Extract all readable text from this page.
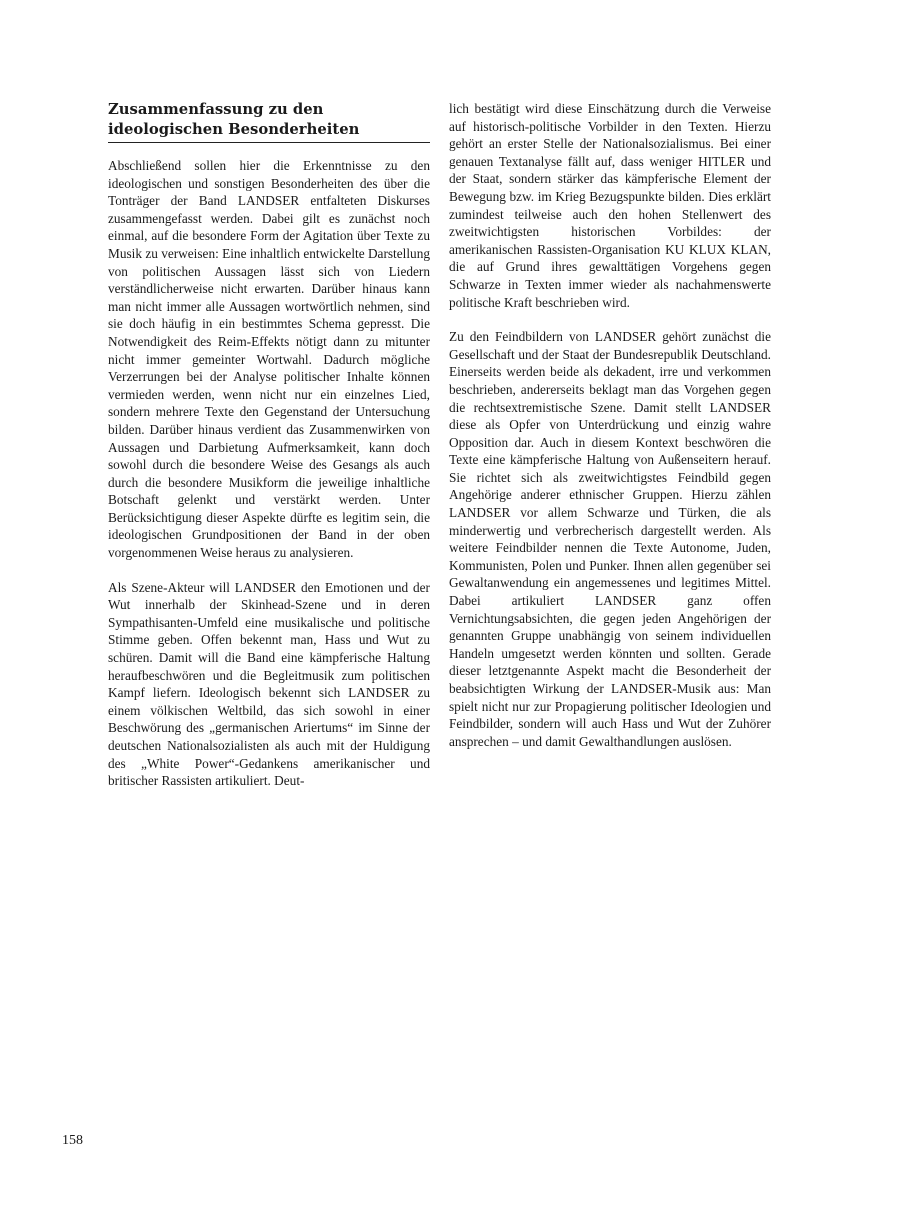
Zusammenfassung zu den ideologischen Besonderheiten

Abschließend sollen hier die Erkenntnisse zu den ideologischen und sonstigen Besonderheiten des über die Tonträger der Band LANDSER entfalteten Diskurses zusammengefasst werden. Dabei gilt es zunächst noch einmal, auf die besondere Form der Agitation über Texte zu Musik zu verweisen: Eine inhaltlich entwickelte Darstellung von politischen Aussagen lässt sich von Liedern verständlicherweise nicht erwarten. Darüber hinaus kann man nicht immer alle Aussagen wortwörtlich nehmen, sind sie doch häufig in ein bestimmtes Schema gepresst. Die Notwendigkeit des Reim-Effekts nötigt dann zu mitunter nicht immer gemeinter Wortwahl. Dadurch mögliche Verzerrungen bei der Analyse politischer Inhalte können vermieden werden, wenn nicht nur ein einzelnes Lied, sondern mehrere Texte den Gegenstand der Untersuchung bilden. Darüber hinaus verdient das Zusammenwirken von Aussagen und Darbietung Aufmerksamkeit, kann doch sowohl durch die besondere Weise des Gesangs als auch durch die besondere Musikform die jeweilige inhaltliche Botschaft gelenkt und verstärkt werden. Unter Berücksichtigung dieser Aspekte dürfte es legitim sein, die ideologischen Grundpositionen der Band in der oben vorgenommenen Weise heraus zu analysieren.

Als Szene-Akteur will LANDSER den Emotionen und der Wut innerhalb der Skinhead-Szene und in deren Sympathisanten-Umfeld eine musikalische und politische Stimme geben. Offen bekennt man, Hass und Wut zu schüren. Damit will die Band eine kämpferische Haltung heraufbeschwören und die Begleitmusik zum politischen Kampf liefern. Ideologisch bekennt sich LANDSER zu einem völkischen Weltbild, das sich sowohl in einer Beschwörung des „germanischen Ariertums“ im Sinne der deutschen Nationalsozialisten als auch mit der Huldigung des „White Power“-Gedankens amerikanischer und britischer Rassisten artikuliert. Deut-

lich bestätigt wird diese Einschätzung durch die Verweise auf historisch-politische Vorbilder in den Texten. Hierzu gehört an erster Stelle der Nationalsozialismus. Bei einer genauen Textanalyse fällt auf, dass weniger HITLER und der Staat, sondern stärker das kämpferische Element der Bewegung bzw. im Krieg Bezugspunkte bilden. Dies erklärt zumindest teilweise auch den hohen Stellenwert des zweitwichtigsten historischen Vorbildes: der amerikanischen Rassisten-Organisation KU KLUX KLAN, die auf Grund ihres gewalttätigen Vorgehens gegen Schwarze in Texten immer wieder als nachahmenswerte politische Kraft beschrieben wird.

Zu den Feindbildern von LANDSER gehört zunächst die Gesellschaft und der Staat der Bundesrepublik Deutschland. Einerseits werden beide als dekadent, irre und verkommen beschrieben, andererseits beklagt man das Vorgehen gegen die rechtsextremistische Szene. Damit stellt LANDSER diese als Opfer von Unterdrückung und einzig wahre Opposition dar. Auch in diesem Kontext beschwören die Texte eine kämpferische Haltung von Außenseitern herauf. Sie richtet sich als zweitwichtigstes Feindbild gegen Angehörige anderer ethnischer Gruppen. Hierzu zählen LANDSER vor allem Schwarze und Türken, die als minderwertig und verbrecherisch dargestellt werden. Als weitere Feindbilder nennen die Texte Autonome, Juden, Kommunisten, Polen und Punker. Ihnen allen gegenüber sei Gewaltanwendung ein angemessenes und legitimes Mittel. Dabei artikuliert LANDSER ganz offen Vernichtungsabsichten, die gegen jeden Angehörigen der genannten Gruppe unabhängig von seinem individuellen Handeln umgesetzt werden könnten und sollten. Gerade dieser letztgenannte Aspekt macht die Besonderheit der beabsichtigten Wirkung der LANDSER-Musik aus: Man spielt nicht nur zur Propagierung politischer Ideologien und Feindbilder, sondern will auch Hass und Wut der Zuhörer ansprechen – und damit Gewalthandlungen auslösen.

158
